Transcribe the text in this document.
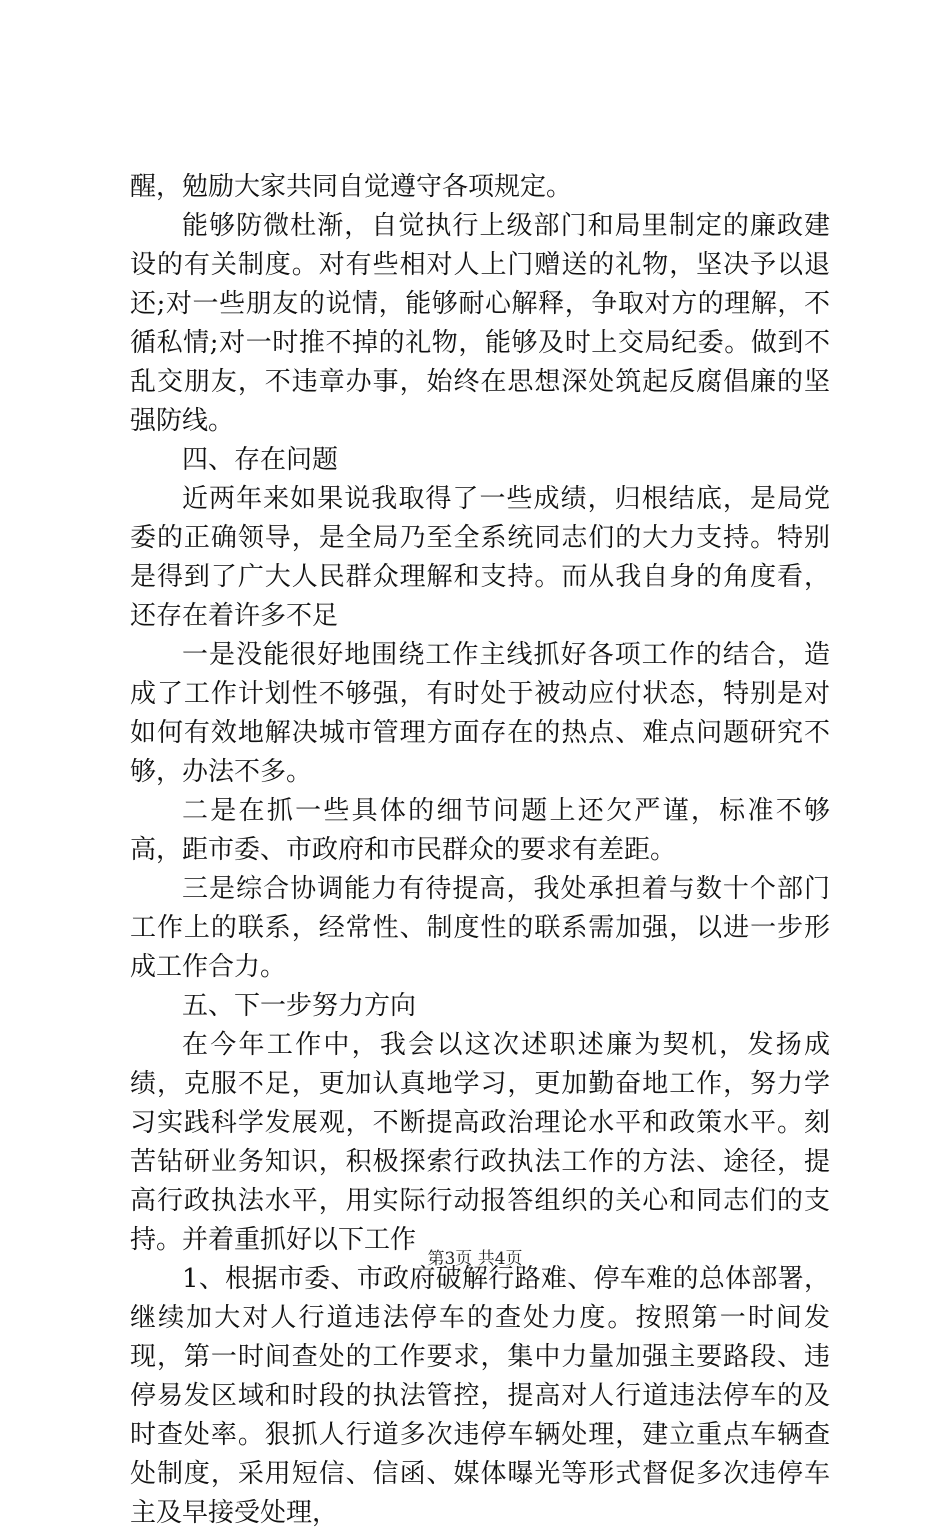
醒，勉励大家共同自觉遵守各项规定。

能够防微杜渐，自觉执行上级部门和局里制定的廉政建设的有关制度。对有些相对人上门赠送的礼物，坚决予以退还;对一些朋友的说情，能够耐心解释，争取对方的理解，不循私情;对一时推不掉的礼物，能够及时上交局纪委。做到不乱交朋友，不违章办事，始终在思想深处筑起反腐倡廉的坚强防线。

四、存在问题

近两年来如果说我取得了一些成绩，归根结底，是局党委的正确领导，是全局乃至全系统同志们的大力支持。特别是得到了广大人民群众理解和支持。而从我自身的角度看，还存在着许多不足

一是没能很好地围绕工作主线抓好各项工作的结合，造成了工作计划性不够强，有时处于被动应付状态，特别是对如何有效地解决城市管理方面存在的热点、难点问题研究不够，办法不多。

二是在抓一些具体的细节问题上还欠严谨，标准不够高，距市委、市政府和市民群众的要求有差距。

三是综合协调能力有待提高，我处承担着与数十个部门工作上的联系，经常性、制度性的联系需加强，以进一步形成工作合力。

五、下一步努力方向

在今年工作中，我会以这次述职述廉为契机，发扬成绩，克服不足，更加认真地学习，更加勤奋地工作，努力学习实践科学发展观，不断提高政治理论水平和政策水平。刻苦钻研业务知识，积极探索行政执法工作的方法、途径，提高行政执法水平，用实际行动报答组织的关心和同志们的支持。并着重抓好以下工作

1、根据市委、市政府破解行路难、停车难的总体部署，继续加大对人行道违法停车的查处力度。按照第一时间发现，第一时间查处的工作要求，集中力量加强主要路段、违停易发区域和时段的执法管控，提高对人行道违法停车的及时查处率。狠抓人行道多次违停车辆处理，建立重点车辆查处制度，采用短信、信函、媒体曝光等形式督促多次违停车主及早接受处理，

第3页 共4页
